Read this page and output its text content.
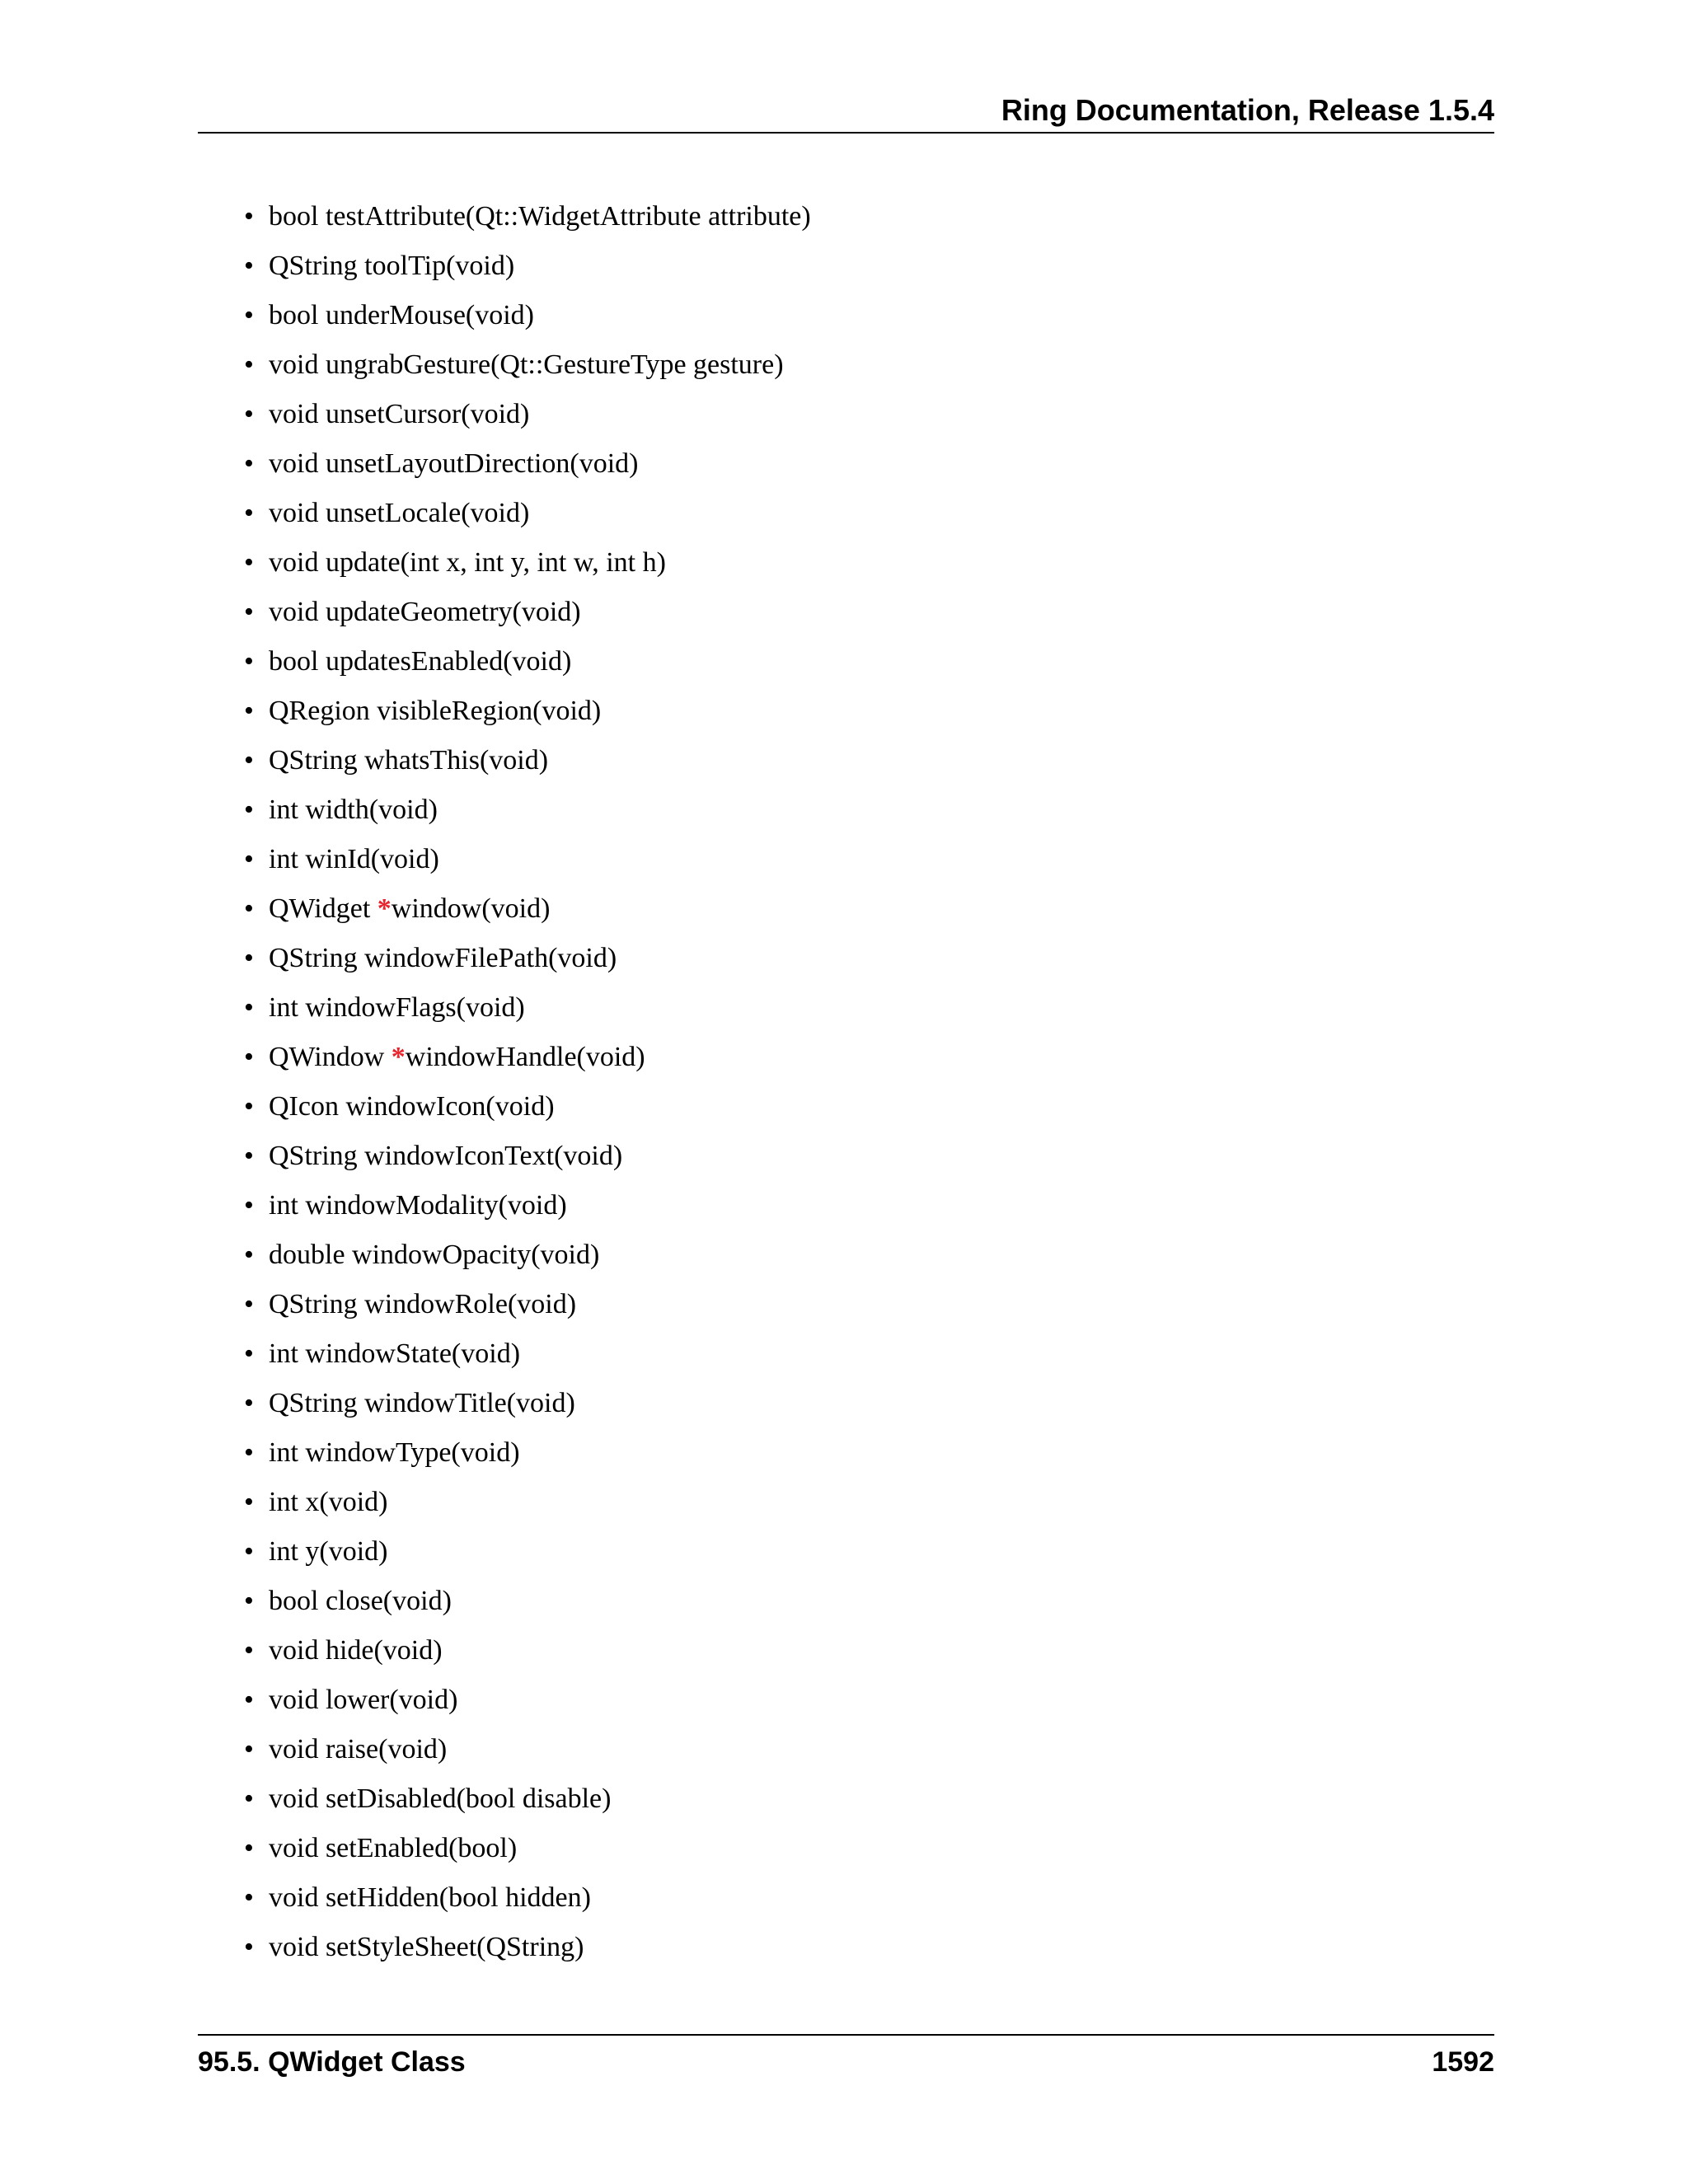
Ring Documentation, Release 1.5.4
• bool testAttribute(Qt::WidgetAttribute attribute)
• QString toolTip(void)
• bool underMouse(void)
• void ungrabGesture(Qt::GestureType gesture)
• void unsetCursor(void)
• void unsetLayoutDirection(void)
• void unsetLocale(void)
• void update(int x, int y, int w, int h)
• void updateGeometry(void)
• bool updatesEnabled(void)
• QRegion visibleRegion(void)
• QString whatsThis(void)
• int width(void)
• int winId(void)
• QWidget *window(void)
• QString windowFilePath(void)
• int windowFlags(void)
• QWindow *windowHandle(void)
• QIcon windowIcon(void)
• QString windowIconText(void)
• int windowModality(void)
• double windowOpacity(void)
• QString windowRole(void)
• int windowState(void)
• QString windowTitle(void)
• int windowType(void)
• int x(void)
• int y(void)
• bool close(void)
• void hide(void)
• void lower(void)
• void raise(void)
• void setDisabled(bool disable)
• void setEnabled(bool)
• void setHidden(bool hidden)
• void setStyleSheet(QString)
95.5. QWidget Class	1592
